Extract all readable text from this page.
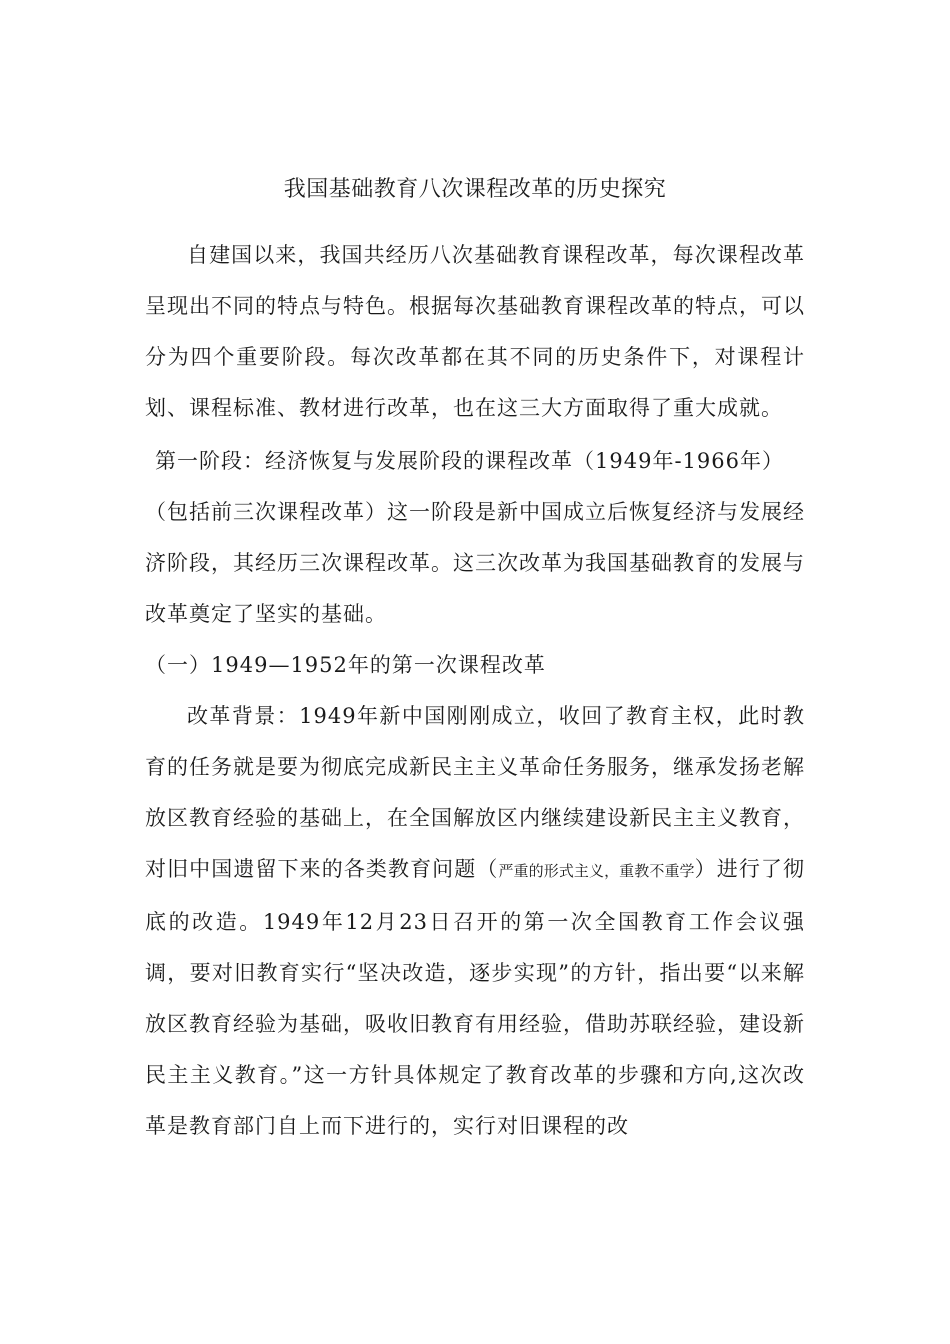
我国基础教育八次课程改革的历史探究

自建国以来，我国共经历八次基础教育课程改革，每次课程改革呈现出不同的特点与特色。根据每次基础教育课程改革的特点，可以分为四个重要阶段。每次改革都在其不同的历史条件下，对课程计划、课程标准、教材进行改革，也在这三大方面取得了重大成就。

第一阶段：经济恢复与发展阶段的课程改革（1949年-1966年）

（包括前三次课程改革）这一阶段是新中国成立后恢复经济与发展经济阶段，其经历三次课程改革。这三次改革为我国基础教育的发展与改革奠定了坚实的基础。

（一）1949—1952年的第一次课程改革

改革背景：1949年新中国刚刚成立，收回了教育主权，此时教育的任务就是要为彻底完成新民主主义革命任务服务，继承发扬老解放区教育经验的基础上，在全国解放区内继续建设新民主主义教育，对旧中国遗留下来的各类教育问题（严重的形式主义，重教不重学）进行了彻底的改造。1949年12月23日召开的第一次全国教育工作会议强调，要对旧教育实行“坚决改造，逐步实现”的方针，指出要“以来解放区教育经验为基础，吸收旧教育有用经验，借助苏联经验，建设新民主主义教育。”这一方针具体规定了教育改革的步骤和方向,这次改革是教育部门自上而下进行的，实行对旧课程的改
